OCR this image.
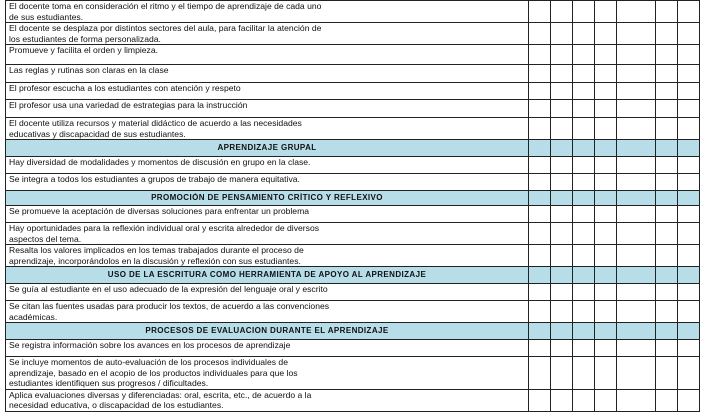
El docente toma en consideración el ritmo y el tiempo de aprendizaje de cada uno
de sus estudiantes.							

El docente se desplaza por distintos sectores del aula, para facilitar la atención de
los estudiantes de forma personalizada.							

Promueve y facilita el orden y limpieza.							

Las reglas y rutinas son claras en la clase							

El profesor escucha a los estudiantes con atención y respeto							

El profesor usa una variedad de estrategias para la instrucción							

El docente utiliza recursos y material didáctico de acuerdo a las necesidades
educativas y discapacidad de sus estudiantes.							

APRENDIZAJE GRUPAL							

Hay diversidad de modalidades y momentos de discusión en grupo en la clase.							

Se integra a todos los estudiantes a grupos de trabajo de manera equitativa.							

PROMOCIÓN DE PENSAMIENTO CRÍTICO Y REFLEXIVO							

Se promueve la aceptación de diversas soluciones para enfrentar un problema							

Hay oportunidades para la reflexión individual oral y escrita alrededor de diversos
aspectos del tema.							

Resalta los valores implicados en los temas trabajados durante el proceso de
aprendizaje, incorporándolos en la discusión y reflexión con sus estudiantes.							

USO DE LA ESCRITURA COMO HERRAMIENTA DE APOYO AL APRENDIZAJE							

Se guía al estudiante en el uso adecuado de la expresión del lenguaje oral y escrito							

Se citan las fuentes usadas para producir los textos, de acuerdo a las convenciones
académicas.							

PROCESOS DE EVALUACION DURANTE EL APRENDIZAJE							

Se registra información sobre los avances en los procesos de aprendizaje							

Se incluye momentos de auto-evaluación de los procesos individuales de
aprendizaje, basado en el acopio de los productos individuales para que los
estudiantes identifiquen sus progresos / dificultades.							

Aplica evaluaciones diversas y diferenciadas: oral, escrita, etc., de acuerdo a la
necesidad educativa, o discapacidad de los estudiantes.							
